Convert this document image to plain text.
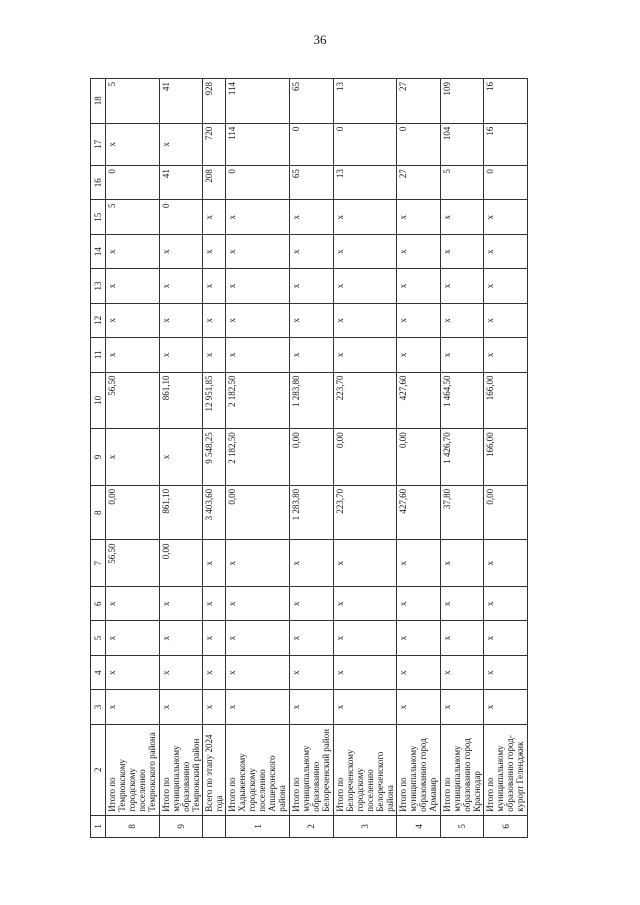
36
1	2	3	4	5	6	7	8	9	10	11	12	13	14	15	16	17	18
8	Итого по Темрюкскому городскому поселению Темрюкского района	x	x	x	x	56,50	0,00	x	56,50	x	x	x	x	5	0	x	5
9	Итого по муниципальному образованию Темрюкский район	x	x	x	x	0,00	861,10	x	861,10	x	x	x	x	0	41	x	41
	Всего по этапу 2024 года	x	x	x	x	x	3 403,60	9 548,25	12 951,85	x	x	x	x	x	208	720	928
1	Итого по Хадыженскому городскому поселению Апшеронского района	x	x	x	x	x	0,00	2 182,50	2 182,50	x	x	x	x	x	0	114	114
2	Итого по муниципальному образованию Белореченский район	x	x	x	x	x	1 283,80	0,00	1 283,80	x	x	x	x	x	65	0	65
3	Итого по Белореченскому городскому поселению Белореченского района	x	x	x	x	x	223,70	0,00	223,70	x	x	x	x	x	13	0	13
4	Итого по муниципальному образованию город Армавир	x	x	x	x	x	427,60	0,00	427,60	x	x	x	x	x	27	0	27
5	Итого по муниципальному образованию город Краснодар	x	x	x	x	x	37,80	1 426,70	1 464,50	x	x	x	x	x	5	104	109
6	Итого по муниципальному образованию город-курорт Геленджик	x	x	x	x	x	0,00	166,00	166,00	x	x	x	x	x	0	16	16
